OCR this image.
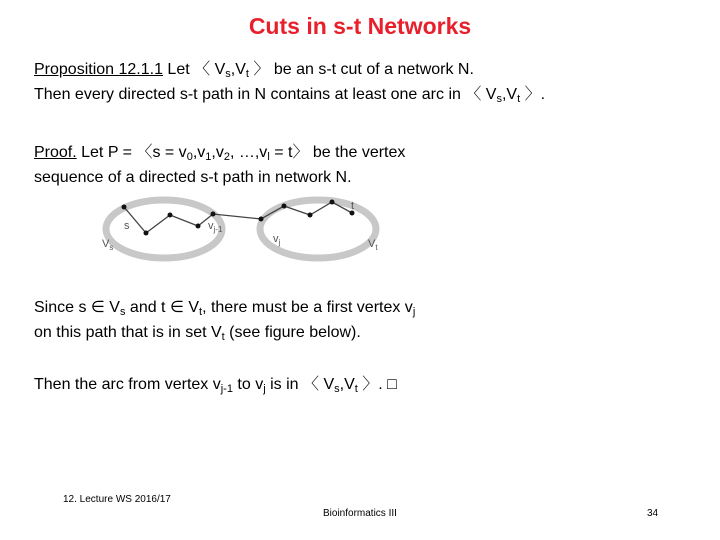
Cuts in s-t Networks
Proposition 12.1.1 Let 〈 $V_s,V_t$ 〉 be an s-t cut of a network N.
Then every directed s-t path in N contains at least one arc in 〈 $V_s,V_t$ 〉.
Proof. Let P = 〈s = $v_0,v_1,v_2$, $\dots,v_l$ = t〉 be the vertex
sequence of a directed s-t path in network N.
s
t
$v_{j-1}$
$v_j$
$V_s$	$V_t$
Since s ∈ $V_s$ and t ∈ $V_t$, there must be a first vertex $v_j$
on this path that is in set $V_t$ (see figure below).
Then the arc from vertex $v_{j-1}$ to $v_j$ is in 〈 $V_s,V_t$ 〉. □
12. Lecture WS 2016/17
Bioinformatics III	34
